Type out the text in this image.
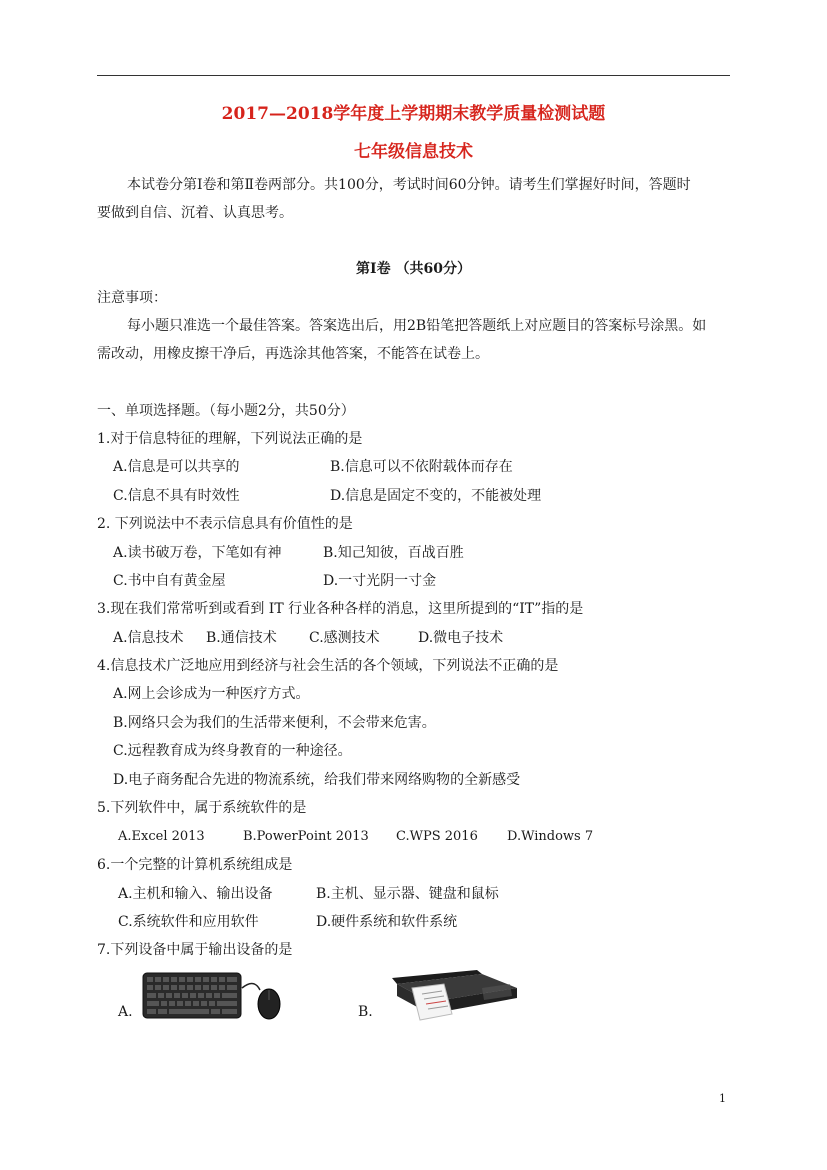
2017—2018学年度上学期期末教学质量检测试题
七年级信息技术
本试卷分第Ⅰ卷和第Ⅱ卷两部分。共100分，考试时间60分钟。请考生们掌握好时间，答题时
要做到自信、沉着、认真思考。
第Ⅰ卷 （共60分）
注意事项：
每小题只准选一个最佳答案。答案选出后，用2B铅笔把答题纸上对应题目的答案标号涂黑。如
需改动，用橡皮擦干净后，再选涂其他答案，不能答在试卷上。
一、单项选择题。（每小题2分，共50分）
1.对于信息特征的理解，下列说法正确的是
A.信息是可以共享的	B.信息可以不依附载体而存在
C.信息不具有时效性	D.信息是固定不变的，不能被处理
2. 下列说法中不表示信息具有价值性的是
A.读书破万卷，下笔如有神	B.知己知彼，百战百胜
C.书中自有黄金屋	D.一寸光阴一寸金
3.现在我们常常听到或看到 IT 行业各种各样的消息，这里所提到的“IT”指的是
A.信息技术 B.通信技术 C.感测技术	D.微电子技术
4.信息技术广泛地应用到经济与社会生活的各个领域，下列说法不正确的是
A.网上会诊成为一种医疗方式。
B.网络只会为我们的生活带来便利，不会带来危害。
C.远程教育成为终身教育的一种途径。
D.电子商务配合先进的物流系统，给我们带来网络购物的全新感受
5.下列软件中，属于系统软件的是
A.Excel 2013	B.PowerPoint 2013 C.WPS 2016 D.Windows 7
6.一个完整的计算机系统组成是
A.主机和输入、输出设备	B.主机、显示器、键盘和鼠标
C.系统软件和应用软件	D.硬件系统和软件系统
7.下列设备中属于输出设备的是
A.	B.
1
